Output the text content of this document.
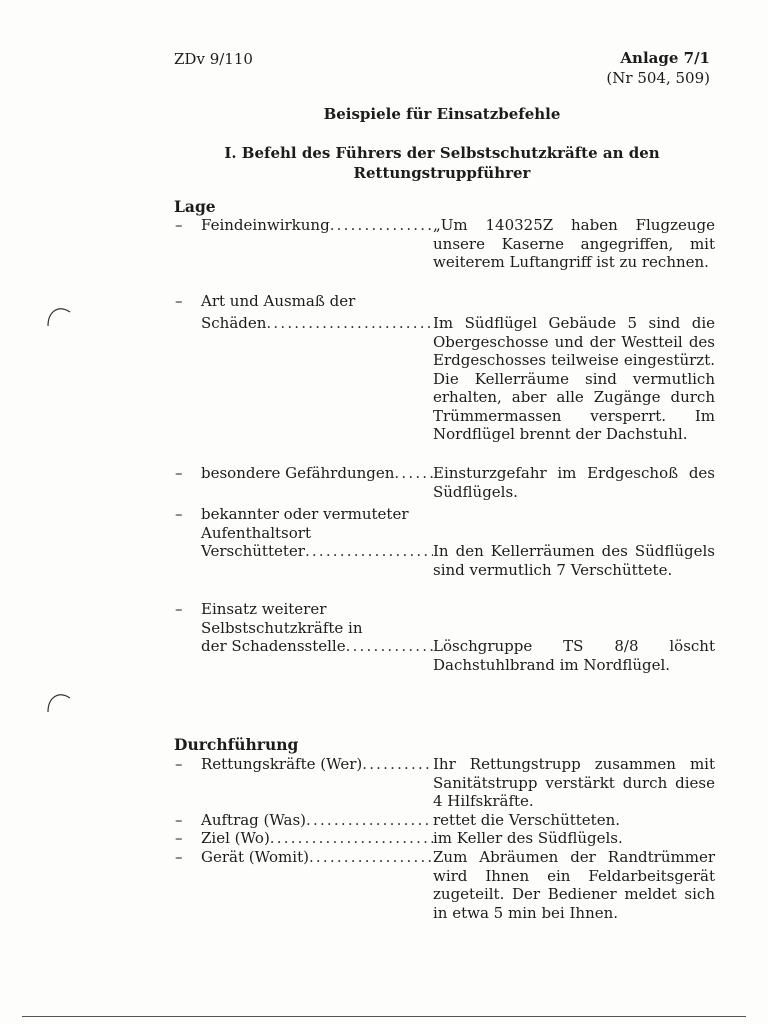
ZDv 9/110	Anlage 7/1
(Nr 504, 509)
Beispiele für Einsatzbefehle
I. Befehl des Führers der Selbstschutzkräfte an den
Rettungstruppführer
Lage
– Feindeinwirkung .....	„Um 140325Z haben Flugzeuge unsere Kaserne angegriffen, mit weiterem Luftangriff ist zu rechnen.
– Art und Ausmaß der
Schäden .....	Im Südflügel Gebäude 5 sind die Obergeschosse und der Westteil des Erdgeschosses teilweise eingestürzt. Die Kellerräume sind vermutlich erhalten, aber alle Zugänge durch Trümmermassen versperrt. Im Nordflügel brennt der Dachstuhl.
– besondere Gefährdungen .....	Einsturzgefahr im Erdgeschoß des Südflügels.
– bekannter oder vermuteter
Aufenthaltsort
Verschütteter .....	In den Kellerräumen des Südflügels sind vermutlich 7 Verschüttete.
– Einsatz weiterer
Selbstschutzkräfte in
der Schadensstelle .....	Löschgruppe TS 8/8 löscht Dachstuhlbrand im Nordflügel.
Durchführung
– Rettungskräfte (Wer) .....	Ihr Rettungstrupp zusammen mit Sanitätstrupp verstärkt durch diese 4 Hilfskräfte.
– Auftrag (Was) .....	rettet die Verschütteten.
– Ziel (Wo) .....	im Keller des Südflügels.
– Gerät (Womit) .....	Zum Abräumen der Randtrümmer wird Ihnen ein Feldarbeitsgerät zugeteilt. Der Bediener meldet sich in etwa 5 min bei Ihnen.
